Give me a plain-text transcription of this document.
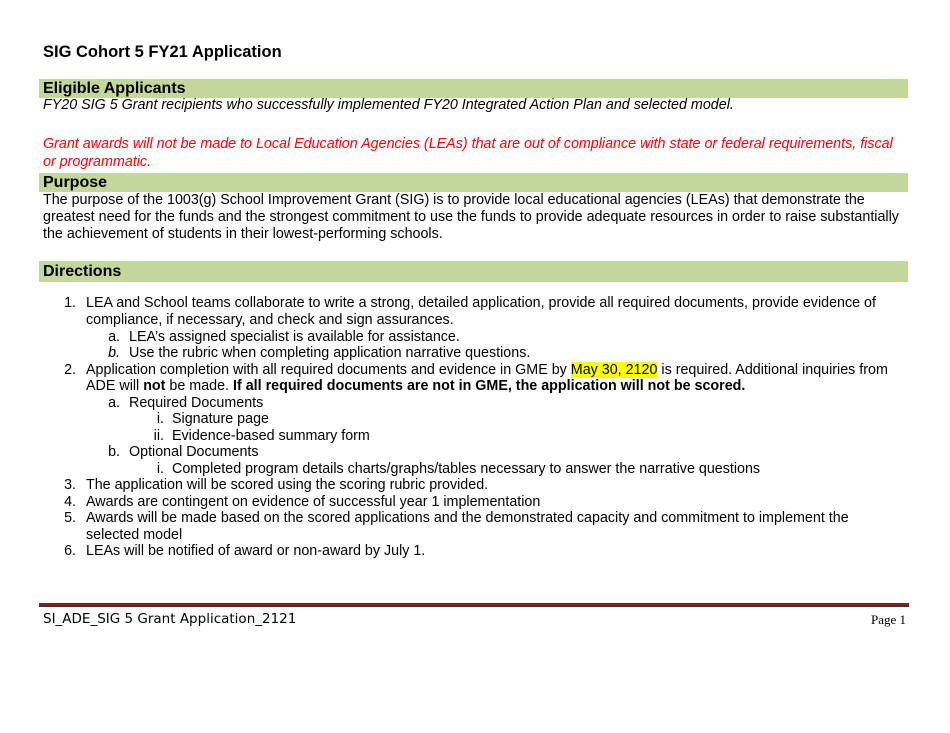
SIG Cohort 5 FY21 Application
Eligible Applicants
FY20 SIG 5 Grant recipients who successfully implemented FY20 Integrated Action Plan and selected model.
Grant awards will not be made to Local Education Agencies (LEAs) that are out of compliance with state or federal requirements, fiscal
or programmatic.
Purpose
The purpose of the 1003(g) School Improvement Grant (SIG) is to provide local educational agencies (LEAs) that demonstrate the
greatest need for the funds and the strongest commitment to use the funds to provide adequate resources in order to raise substantially
the achievement of students in their lowest-performing schools.
Directions
1. LEA and School teams collaborate to write a strong, detailed application, provide all required documents, provide evidence of
compliance, if necessary, and check and sign assurances.
a. LEA’s assigned specialist is available for assistance.
b. Use the rubric when completing application narrative questions.
2. Application completion with all required documents and evidence in GME by May 30, 2120 is required. Additional inquiries from
ADE will not be made. If all required documents are not in GME, the application will not be scored.
a. Required Documents
i. Signature page
ii. Evidence-based summary form
b. Optional Documents
i. Completed program details charts/graphs/tables necessary to answer the narrative questions
3. The application will be scored using the scoring rubric provided.
4. Awards are contingent on evidence of successful year 1 implementation
5. Awards will be made based on the scored applications and the demonstrated capacity and commitment to implement the
selected model
6. LEAs will be notified of award or non-award by July 1.
SI_ADE_SIG 5 Grant Application_2121	Page 1
